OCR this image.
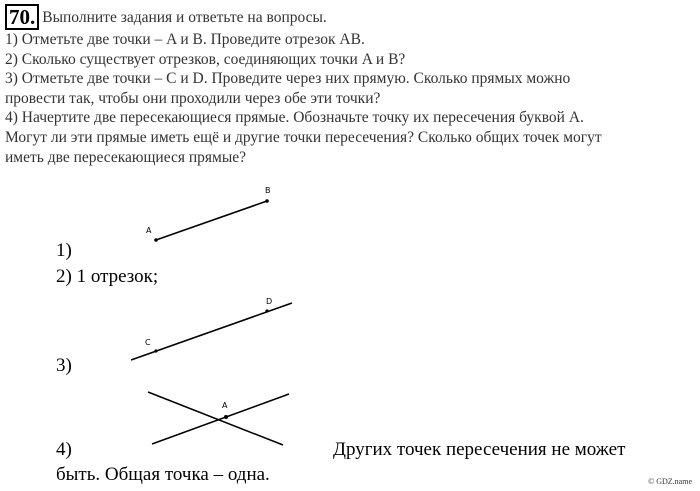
70. Выполните задания и ответьте на вопросы.
1) Отметьте две точки – A и B. Проведите отрезок AB.
2) Сколько существует отрезков, соединяющих точки A и B?
3) Отметьте две точки – C и D. Проведите через них прямую. Сколько прямых можно
провести так, чтобы они проходили через обе эти точки?
4) Начертите две пересекающиеся прямые. Обозначьте точку их пересечения буквой A.
Могут ли эти прямые иметь ещё и другие точки пересечения? Сколько общих точек могут
иметь две пересекающиеся прямые?
A
B
C
D
A
1)
2) 1 отрезок;
3)
4)	Других точек пересечения не может
быть. Общая точка – одна.	© GDZ.name
